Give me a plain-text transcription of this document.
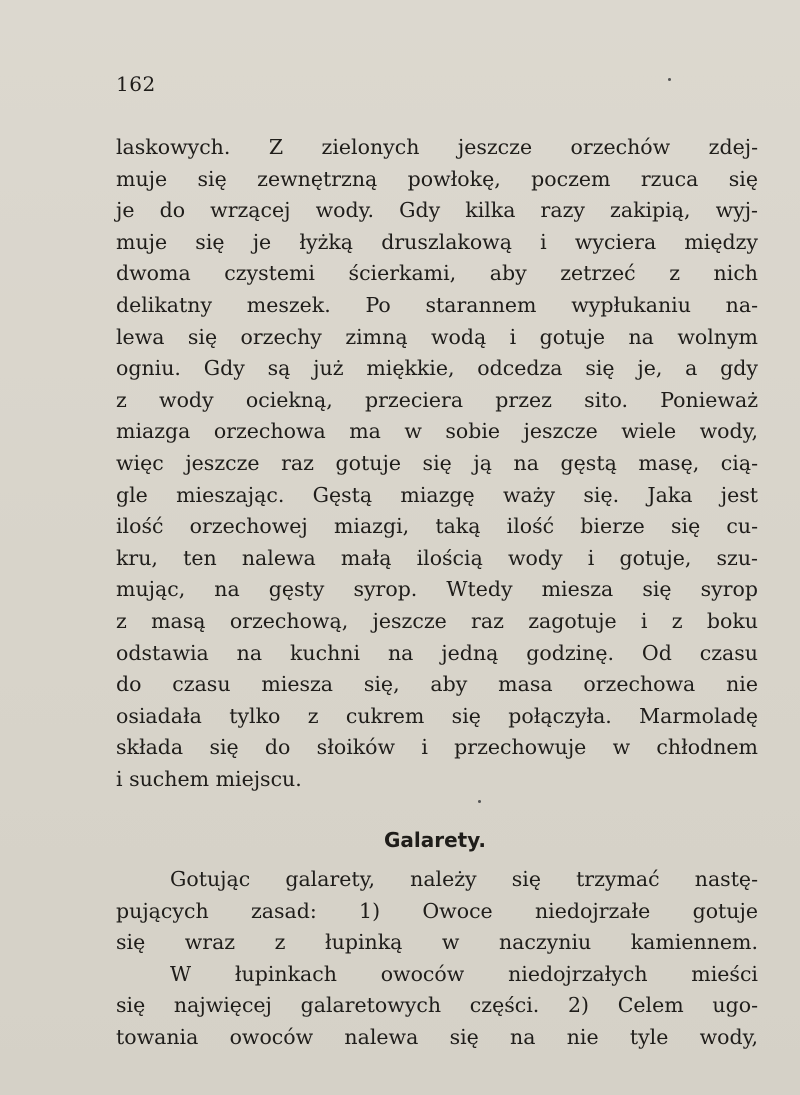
162
laskowych. Z zielonych jeszcze orzechów zdej-
muje się zewnętrzną powłokę, poczem rzuca się
je do wrzącej wody. Gdy kilka razy zakipią, wyj-
muje się je łyżką druszlakową i wyciera między
dwoma czystemi ścierkami, aby zetrzeć z nich
delikatny meszek. Po starannem wypłukaniu na-
lewa się orzechy zimną wodą i gotuje na wolnym
ogniu. Gdy są już miękkie, odcedza się je, a gdy
z wody ociekną, przeciera przez sito. Ponieważ
miazga orzechowa ma w sobie jeszcze wiele wody,
więc jeszcze raz gotuje się ją na gęstą masę, cią-
gle mieszając. Gęstą miazgę waży się. Jaka jest
ilość orzechowej miazgi, taką ilość bierze się cu-
kru, ten nalewa małą ilością wody i gotuje, szu-
mując, na gęsty syrop. Wtedy miesza się syrop
z masą orzechową, jeszcze raz zagotuje i z boku
odstawia na kuchni na jedną godzinę. Od czasu
do czasu miesza się, aby masa orzechowa nie
osiadała tylko z cukrem się połączyła. Marmoladę
składa się do słoików i przechowuje w chłodnem
i suchem miejscu.
Galarety.
Gotując galarety, należy się trzymać nastę-
pujących zasad: 1) Owoce niedojrzałe gotuje
się wraz z łupinką w naczyniu kamiennem.
W łupinkach owoców niedojrzałych mieści
się najwięcej galaretowych części. 2) Celem ugo-
towania owoców nalewa się na nie tyle wody,
